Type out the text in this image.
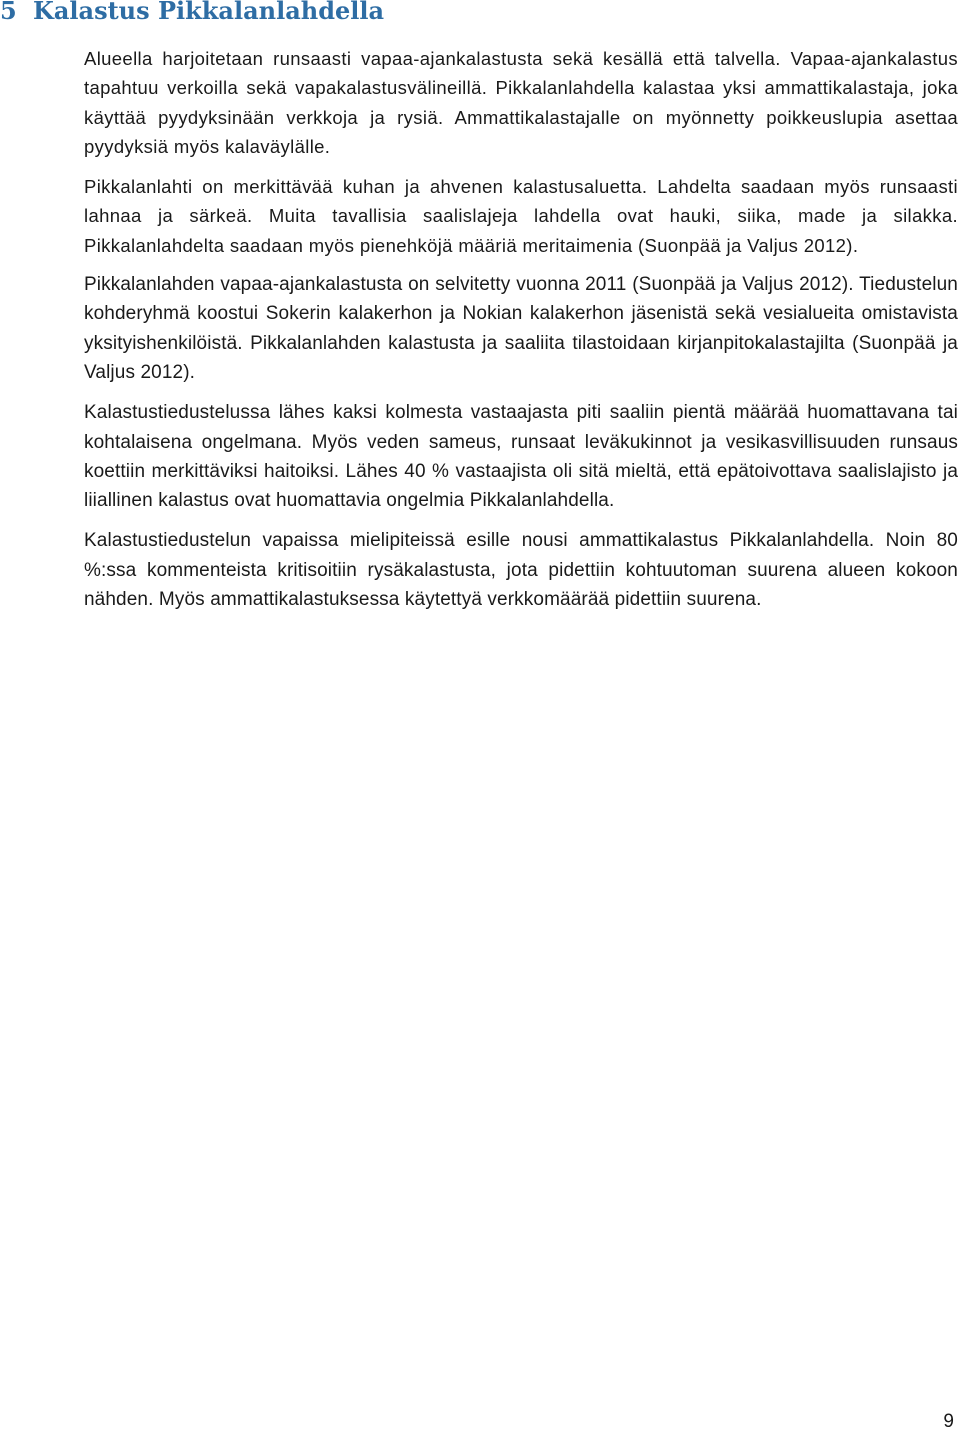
5 Kalastus Pikkalanlahdella

Alueella harjoitetaan runsaasti vapaa-ajankalastusta sekä kesällä että talvella. Vapaa-ajankalastus tapahtuu verkoilla sekä vapakalastusvälineillä. Pikkalanlahdella kalastaa yksi ammattikalastaja, joka käyttää pyydyksinään verkkoja ja rysiä. Ammattikalastajalle on myönnetty poikkeuslupia asettaa pyydyksiä myös kalaväylälle.

Pikkalanlahti on merkittävää kuhan ja ahvenen kalastusaluetta. Lahdelta saadaan myös runsaasti lahnaa ja särkeä. Muita tavallisia saalislajeja lahdella ovat hauki, siika, made ja silakka. Pikkalanlahdelta saadaan myös pienehköjä määriä meritaimenia (Suonpää ja Valjus 2012).

Pikkalanlahden vapaa-ajankalastusta on selvitetty vuonna 2011 (Suonpää ja Valjus 2012). Tiedustelun kohderyhmä koostui Sokerin kalakerhon ja Nokian kalakerhon jäsenistä sekä vesialueita omistavista yksityishenkilöistä. Pikkalanlahden kalastusta ja saaliita tilastoidaan kirjanpitokalastajilta (Suonpää ja Valjus 2012).

Kalastustiedustelussa lähes kaksi kolmesta vastaajasta piti saaliin pientä määrää huomattavana tai kohtalaisena ongelmana. Myös veden sameus, runsaat leväkukinnot ja vesikasvillisuuden runsaus koettiin merkittäviksi haitoiksi. Lähes 40 % vastaajista oli sitä mieltä, että epätoivottava saalislajisto ja liiallinen kalastus ovat huomattavia ongelmia Pikkalanlahdella.

Kalastustiedustelun vapaissa mielipiteissä esille nousi ammattikalastus Pikkalanlahdella. Noin 80 %:ssa kommenteista kritisoitiin rysäkalastusta, jota pidettiin kohtuutoman suurena alueen kokoon nähden. Myös ammattikalastuksessa käytettyä verkkomäärää pidettiin suurena.

9
